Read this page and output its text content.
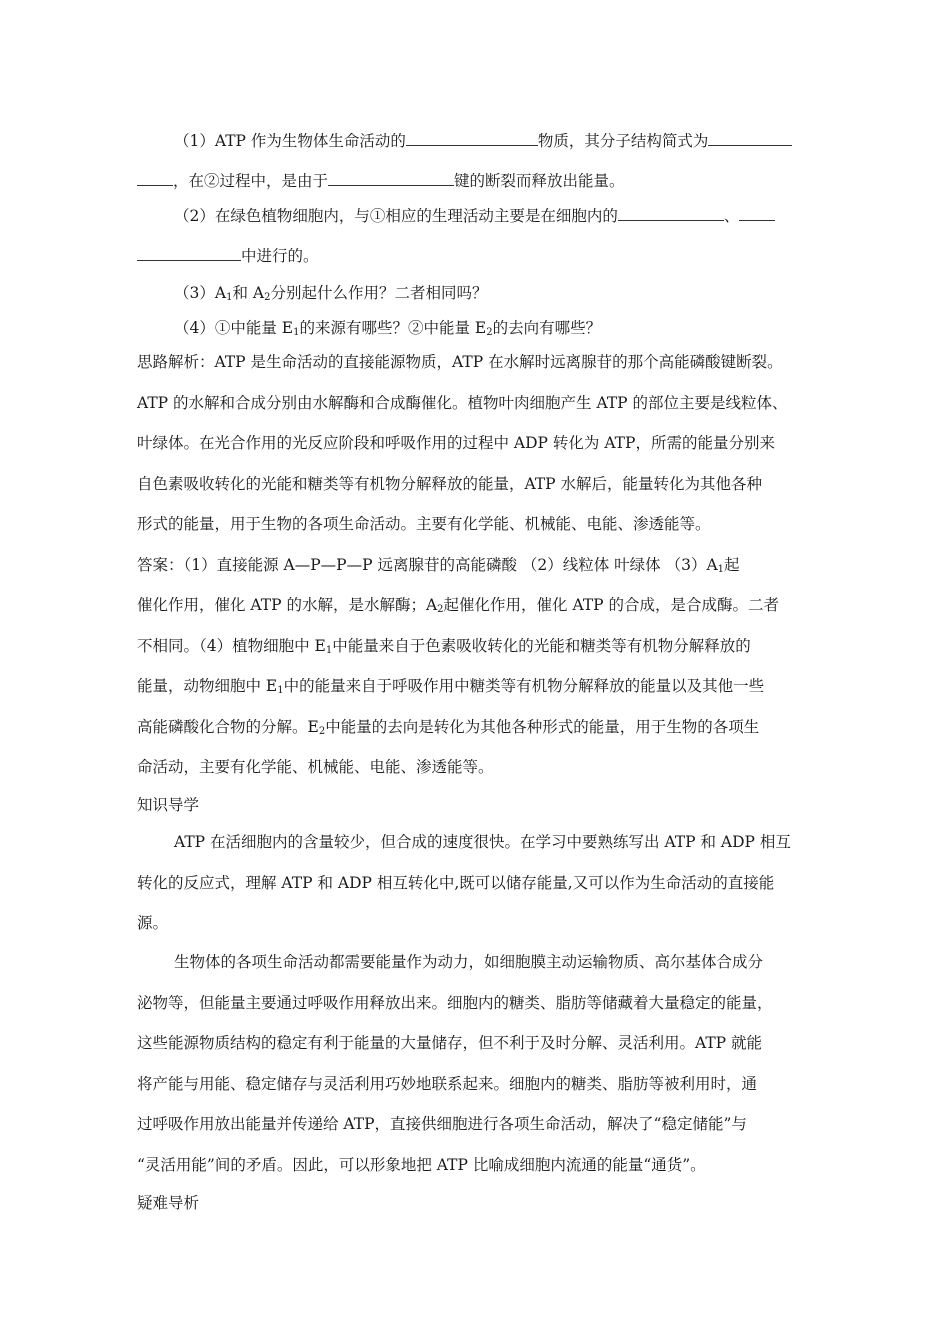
（1）ATP 作为生物体生命活动的	物质，其分子结构简式为
，在②过程中，是由于	键的断裂而释放出能量。
（2）在绿色植物细胞内，与①相应的生理活动主要是在细胞内的	、
中进行的。
$(3)A_1$和 $A_2$分别起什么作用？二者相同吗？
（4）①中能量 $E_1$的来源有哪些？②中能量 $E_2$的去向有哪些？
思路解析：ATP 是生命活动的直接能源物质，ATP 在水解时远离腺苷的那个高能磷酸键断裂。
ATP 的水解和合成分别由水解酶和合成酶催化。植物叶肉细胞产生 ATP 的部位主要是线粒体、
叶绿体。在光合作用的光反应阶段和呼吸作用的过程中 ADP 转化为 ATP，所需的能量分别来
自色素吸收转化的光能和糖类等有机物分解释放的能量，ATP 水解后，能量转化为其他各种
形式的能量，用于生物的各项生命活动。主要有化学能、机械能、电能、渗透能等。
答案：（1）直接能源 A—P—P—P 远离腺苷的高能磷酸 （2）线粒体 叶绿体 $(3)A_1$起
催化作用，催化 ATP 的水解，是水解酶；$A_2$起催化作用，催化 ATP 的合成，是合成酶。二者
不相同。（4）植物细胞中 $E_1$中能量来自于色素吸收转化的光能和糖类等有机物分解释放的
能量，动物细胞中 $E_1$中的能量来自于呼吸作用中糖类等有机物分解释放的能量以及其他一些
高能磷酸化合物的分解。$E_2$中能量的去向是转化为其他各种形式的能量，用于生物的各项生
命活动，主要有化学能、机械能、电能、渗透能等。
知识导学
ATP 在活细胞内的含量较少，但合成的速度很快。在学习中要熟练写出 ATP 和 ADP 相互
转化的反应式，理解 ATP 和 ADP 相互转化中,既可以储存能量,又可以作为生命活动的直接能
源。
生物体的各项生命活动都需要能量作为动力，如细胞膜主动运输物质、高尔基体合成分
泌物等，但能量主要通过呼吸作用释放出来。细胞内的糖类、脂肪等储藏着大量稳定的能量，
这些能源物质结构的稳定有利于能量的大量储存，但不利于及时分解、灵活利用。ATP 就能
将产能与用能、稳定储存与灵活利用巧妙地联系起来。细胞内的糖类、脂肪等被利用时，通
过呼吸作用放出能量并传递给 ATP，直接供细胞进行各项生命活动，解决了“稳定储能”与
“灵活用能”间的矛盾。因此，可以形象地把 ATP 比喻成细胞内流通的能量“通货”。
疑难导析
